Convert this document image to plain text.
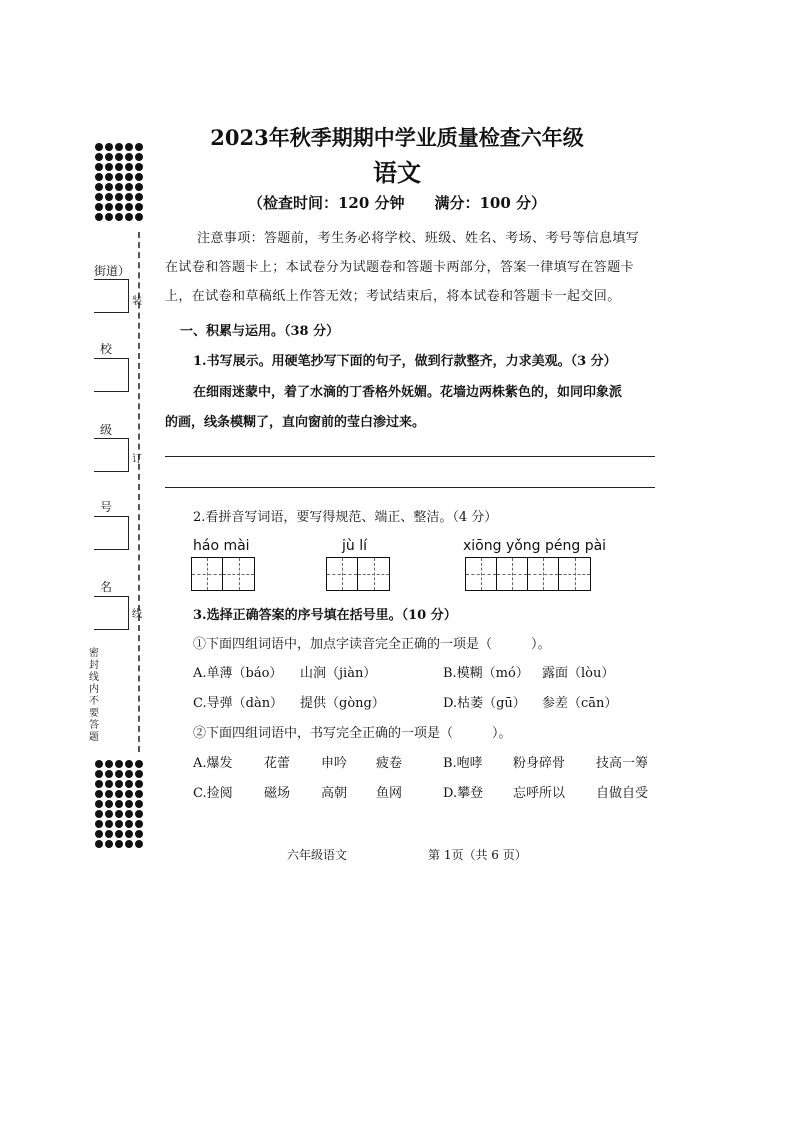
街道）
装
校
级
订
号
名
线
密封线内不要答题
2023年秋季期期中学业质量检查六年级
语文
（检查时间：120 分钟　　满分：100 分）
注意事项：答题前，考生务必将学校、班级、姓名、考场、考号等信息填写
在试卷和答题卡上；本试卷分为试题卷和答题卡两部分，答案一律填写在答题卡
上，在试卷和草稿纸上作答无效；考试结束后，将本试卷和答题卡一起交回。
一、积累与运用。（38 分）
1.书写展示。用硬笔抄写下面的句子，做到行款整齐，力求美观。（3 分）
在细雨迷蒙中，着了水滴的丁香格外妩媚。花墙边两株紫色的，如同印象派
的画，线条模糊了，直向窗前的莹白渗过来。
2.看拼音写词语，要写得规范、端正、整洁。（4 分）
háo mài	jù lí	xiōng yǒng péng pài
3.选择正确答案的序号填在括号里。（10 分）
①下面四组词语中，加点字读音完全正确的一项是（　　　）。
A.单薄（báo） 山涧（jiàn）	B.模糊（mó） 露面（lòu）
C.导弹（dàn） 提供（gòng）	D.枯萎（gū） 参差（cān）
②下面四组词语中，书写完全正确的一项是（　　　）。
A.爆发 花蕾 申吟 疲卷	B.咆哮 粉身碎骨 技高一筹
C.捡阅 磁场 高朝 鱼网	D.攀登 忘呼所以 自做自受
六年级语文	第 1页（共 6 页）
